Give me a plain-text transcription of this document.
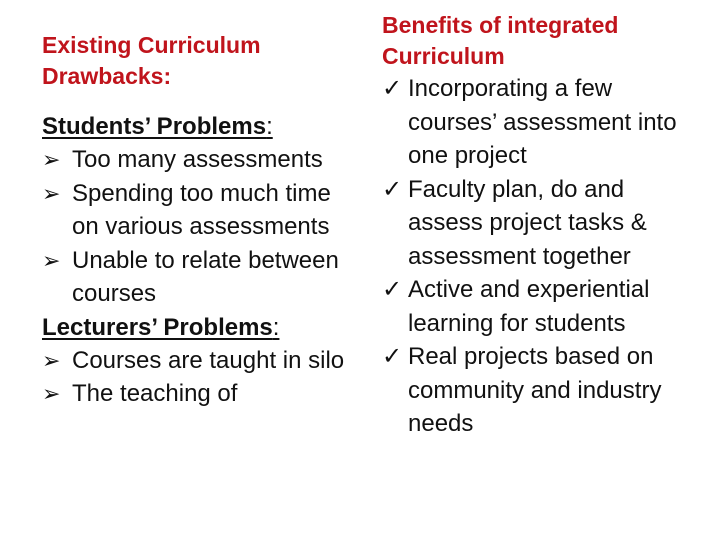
Existing Curriculum Drawbacks:
Students’ Problems:
➢ Too many assessments
➢ Spending too much time on various assessments
➢ Unable to relate between courses
Lecturers’ Problems:
➢ Courses are taught in silo
➢ The teaching of
Benefits of integrated Curriculum
✓ Incorporating a few courses’ assessment into one project
✓ Faculty plan, do and assess project tasks & assessment together
✓ Active and experiential learning for students
✓ Real projects based on community and industry needs
